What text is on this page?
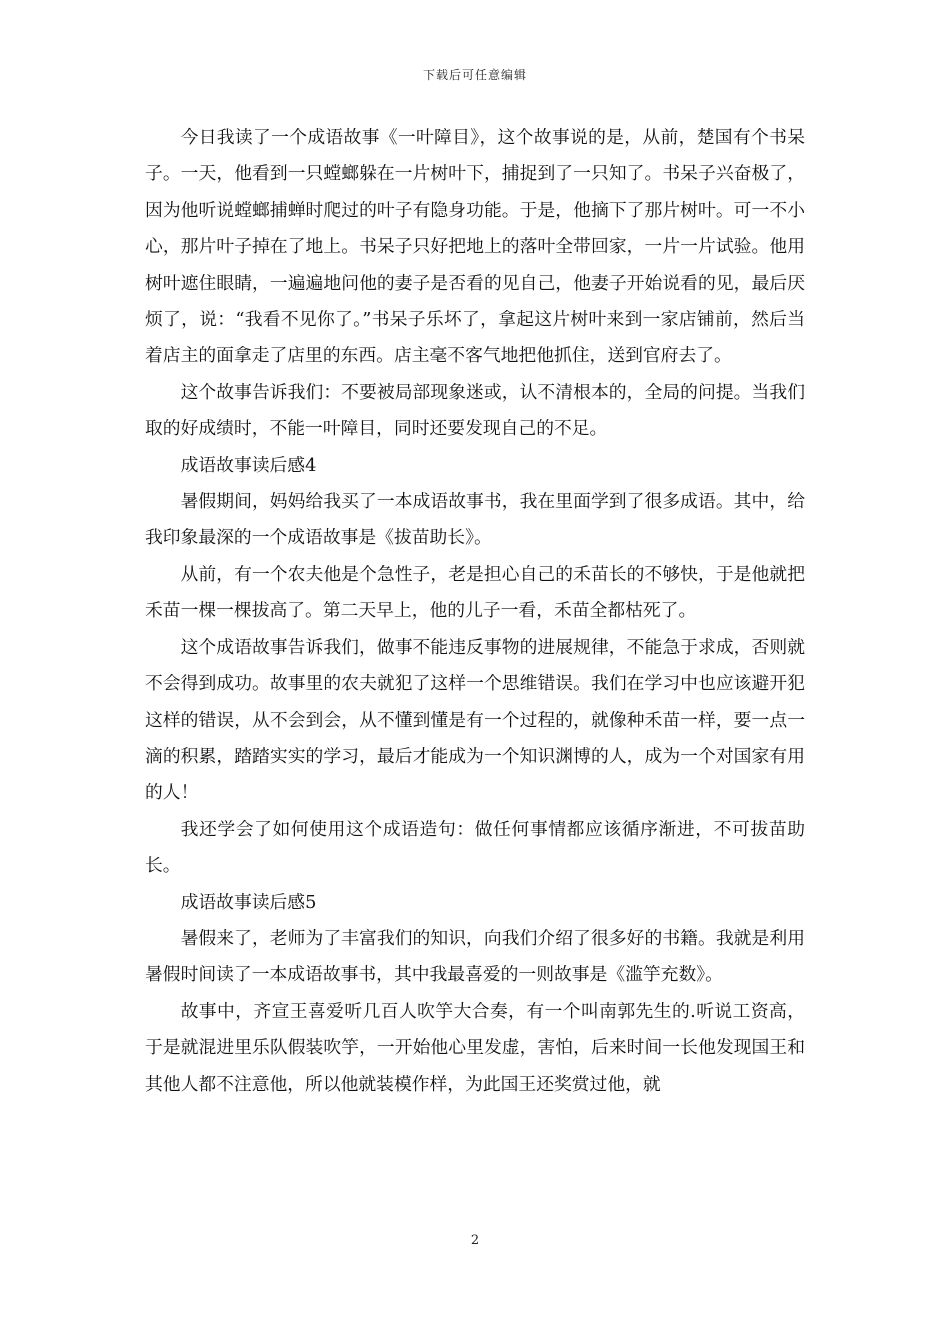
下载后可任意编辑

今日我读了一个成语故事《一叶障目》，这个故事说的是，从前，楚国有个书呆子。一天，他看到一只螳螂躲在一片树叶下，捕捉到了一只知了。书呆子兴奋极了，因为他听说螳螂捕蝉时爬过的叶子有隐身功能。于是，他摘下了那片树叶。可一不小心，那片叶子掉在了地上。书呆子只好把地上的落叶全带回家，一片一片试验。他用树叶遮住眼睛，一遍遍地问他的妻子是否看的见自己，他妻子开始说看的见，最后厌烦了，说：“我看不见你了。”书呆子乐坏了，拿起这片树叶来到一家店铺前，然后当着店主的面拿走了店里的东西。店主毫不客气地把他抓住，送到官府去了。

这个故事告诉我们：不要被局部现象迷或，认不清根本的，全局的问提。当我们取的好成绩时，不能一叶障目，同时还要发现自己的不足。

成语故事读后感4

暑假期间，妈妈给我买了一本成语故事书，我在里面学到了很多成语。其中，给我印象最深的一个成语故事是《拔苗助长》。

从前，有一个农夫他是个急性子，老是担心自己的禾苗长的不够快，于是他就把禾苗一棵一棵拔高了。第二天早上，他的儿子一看，禾苗全都枯死了。

这个成语故事告诉我们，做事不能违反事物的进展规律，不能急于求成，否则就不会得到成功。故事里的农夫就犯了这样一个思维错误。我们在学习中也应该避开犯这样的错误，从不会到会，从不懂到懂是有一个过程的，就像种禾苗一样，要一点一滴的积累，踏踏实实的学习，最后才能成为一个知识渊博的人，成为一个对国家有用的人！

我还学会了如何使用这个成语造句：做任何事情都应该循序渐进，不可拔苗助长。

成语故事读后感5

暑假来了，老师为了丰富我们的知识，向我们介绍了很多好的书籍。我就是利用暑假时间读了一本成语故事书，其中我最喜爱的一则故事是《滥竽充数》。

故事中，齐宣王喜爱听几百人吹竽大合奏，有一个叫南郭先生的.听说工资高，于是就混进里乐队假装吹竽，一开始他心里发虚，害怕，后来时间一长他发现国王和其他人都不注意他，所以他就装模作样，为此国王还奖赏过他，就

2
